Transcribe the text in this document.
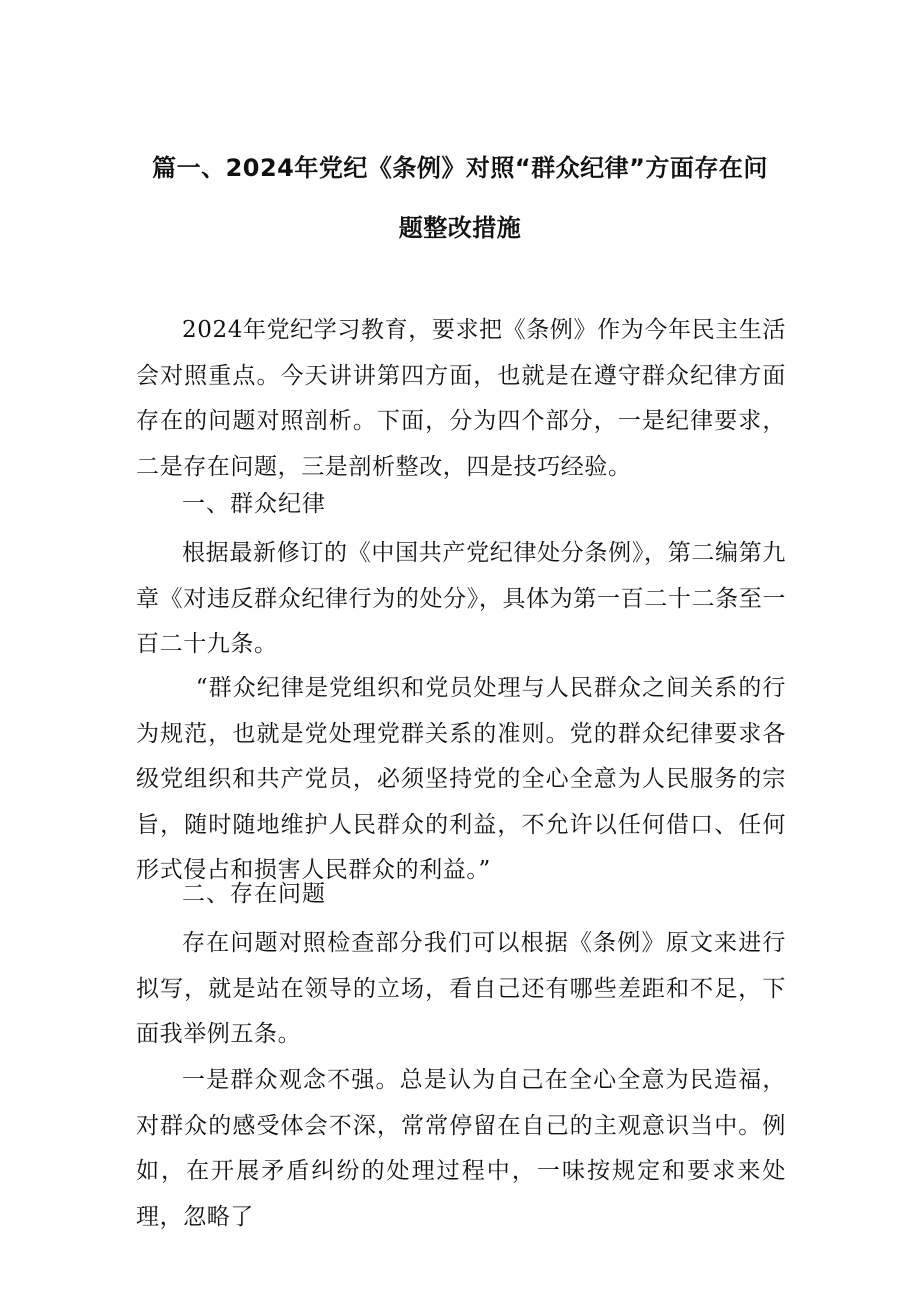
篇一、2024年党纪《条例》对照“群众纪律”方面存在问
题整改措施

2024年党纪学习教育，要求把《条例》作为今年民主生活会对照重点。今天讲讲第四方面，也就是在遵守群众纪律方面存在的问题对照剖析。下面，分为四个部分，一是纪律要求，二是存在问题，三是剖析整改，四是技巧经验。

一、群众纪律

根据最新修订的《中国共产党纪律处分条例》，第二编第九章《对违反群众纪律行为的处分》，具体为第一百二十二条至一百二十九条。

“群众纪律是党组织和党员处理与人民群众之间关系的行为规范，也就是党处理党群关系的准则。党的群众纪律要求各级党组织和共产党员，必须坚持党的全心全意为人民服务的宗旨，随时随地维护人民群众的利益，不允许以任何借口、任何形式侵占和损害人民群众的利益。”

二、存在问题

存在问题对照检查部分我们可以根据《条例》原文来进行拟写，就是站在领导的立场，看自己还有哪些差距和不足，下面我举例五条。

一是群众观念不强。总是认为自己在全心全意为民造福，对群众的感受体会不深，常常停留在自己的主观意识当中。例如，在开展矛盾纠纷的处理过程中，一味按规定和要求来处理，忽略了
